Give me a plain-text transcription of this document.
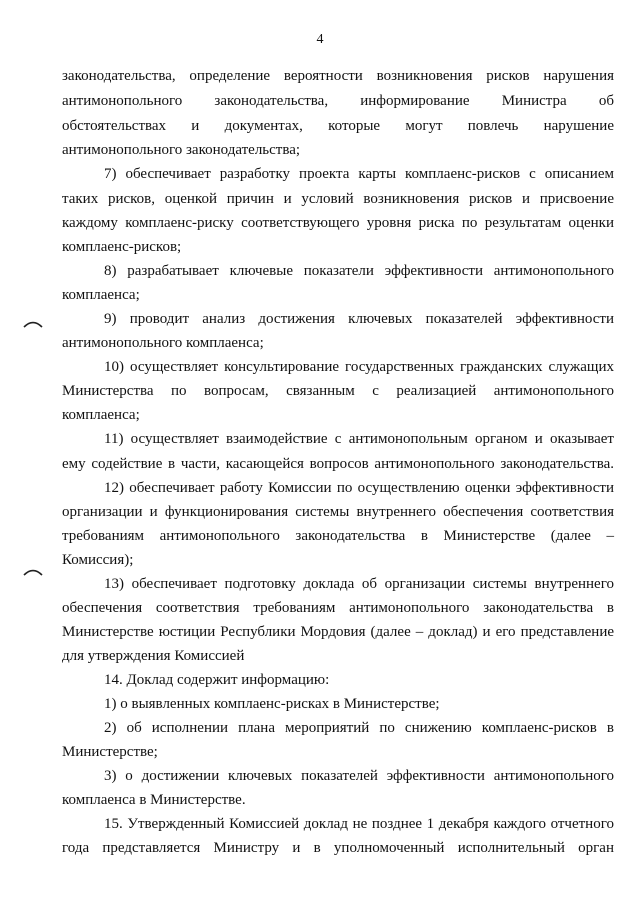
4
законодательства, определение вероятности возникновения рисков нарушения
антимонопольного законодательства, информирование Министра об
обстоятельствах и документах, которые могут повлечь нарушение
антимонопольного законодательства;
7) обеспечивает разработку проекта карты комплаенс-рисков с описанием
таких рисков, оценкой причин и условий возникновения рисков и присвоение
каждому комплаенс-риску соответствующего уровня риска по результатам оценки
комплаенс-рисков;
8) разрабатывает ключевые показатели эффективности антимонопольного
комплаенса;
9) проводит анализ достижения ключевых показателей эффективности
антимонопольного комплаенса;
10) осуществляет консультирование государственных гражданских служащих
Министерства по вопросам, связанным с реализацией антимонопольного
комплаенса;
11) осуществляет взаимодействие с антимонопольным органом и оказывает
ему содействие в части, касающейся вопросов антимонопольного законодательства.
12) обеспечивает работу Комиссии по осуществлению оценки эффективности
организации и функционирования системы внутреннего обеспечения соответствия
требованиям антимонопольного законодательства в Министерстве (далее –
Комиссия);
13) обеспечивает подготовку доклада об организации системы внутреннего
обеспечения соответствия требованиям антимонопольного законодательства в
Министерстве юстиции Республики Мордовия (далее – доклад) и его представление
для утверждения Комиссией
14. Доклад содержит информацию:
1) о выявленных комплаенс-рисках в Министерстве;
2) об исполнении плана мероприятий по снижению комплаенс-рисков в
Министерстве;
3) о достижении ключевых показателей эффективности антимонопольного
комплаенса в Министерстве.
15. Утвержденный Комиссией доклад не позднее 1 декабря каждого отчетного
года представляется Министру и в уполномоченный исполнительный орган
